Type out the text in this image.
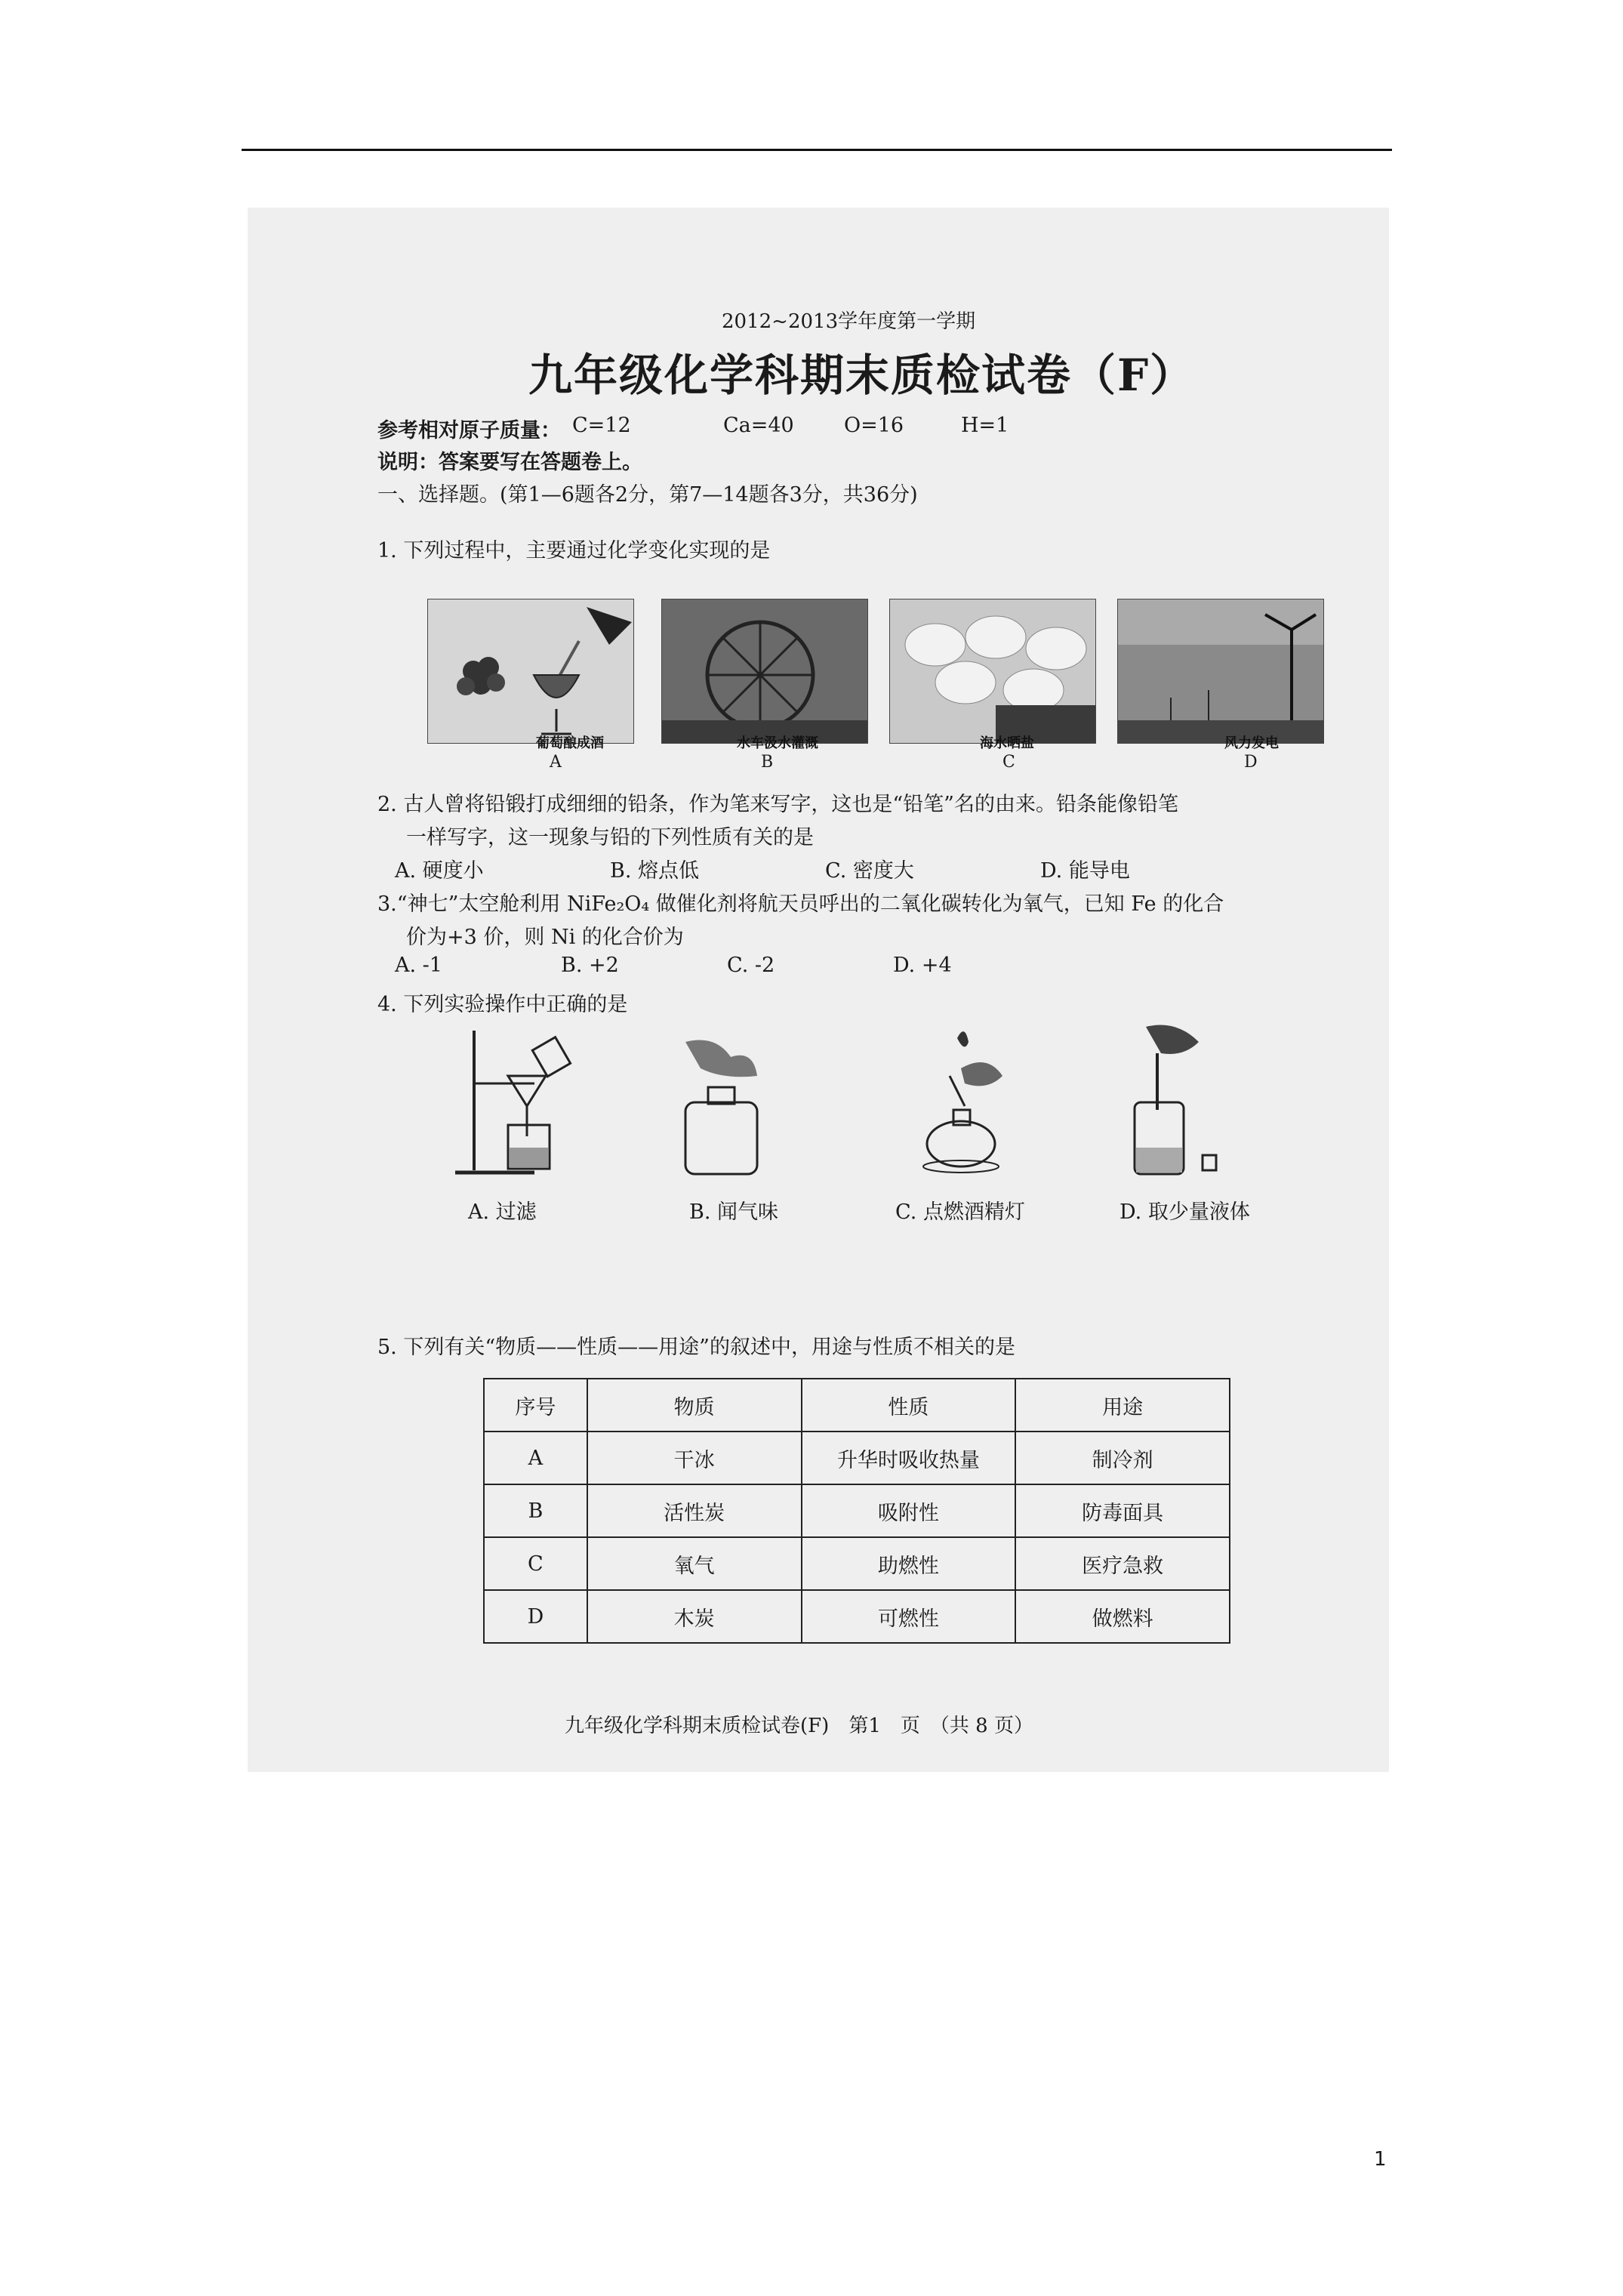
2012~2013学年度第一学期
九年级化学科期末质检试卷（F）
参考相对原子质量： C=12	Ca=40 O=16	H=1
说明：答案要写在答题卷上。
一、选择题。(第1—6题各2分，第7—14题各3分，共36分)
1. 下列过程中，主要通过化学变化实现的是
葡萄酿成酒
A
水车汲水灌溉
B
海水晒盐
C
风力发电
D
2. 古人曾将铅锻打成细细的铅条，作为笔来写字，这也是“铅笔”名的由来。铅条能像铅笔
一样写字，这一现象与铅的下列性质有关的是
A. 硬度小	B. 熔点低	C. 密度大	D. 能导电
3.“神七”太空舱利用 NiFe₂O₄ 做催化剂将航天员呼出的二氧化碳转化为氧气，已知 Fe 的化合
价为+3 价，则 Ni 的化合价为
A. -1	B. +2	C. -2	D. +4
4. 下列实验操作中正确的是
A. 过滤	B. 闻气味	C. 点燃酒精灯	D. 取少量液体
5. 下列有关“物质——性质——用途”的叙述中，用途与性质不相关的是
序号	物质	性质	用途
A	干冰	升华时吸收热量	制冷剂
B	活性炭	吸附性	防毒面具
C	氧气	助燃性	医疗急救
D	木炭	可燃性	做燃料
九年级化学科期末质检试卷(F)　第1　页　（共 8 页）
1
